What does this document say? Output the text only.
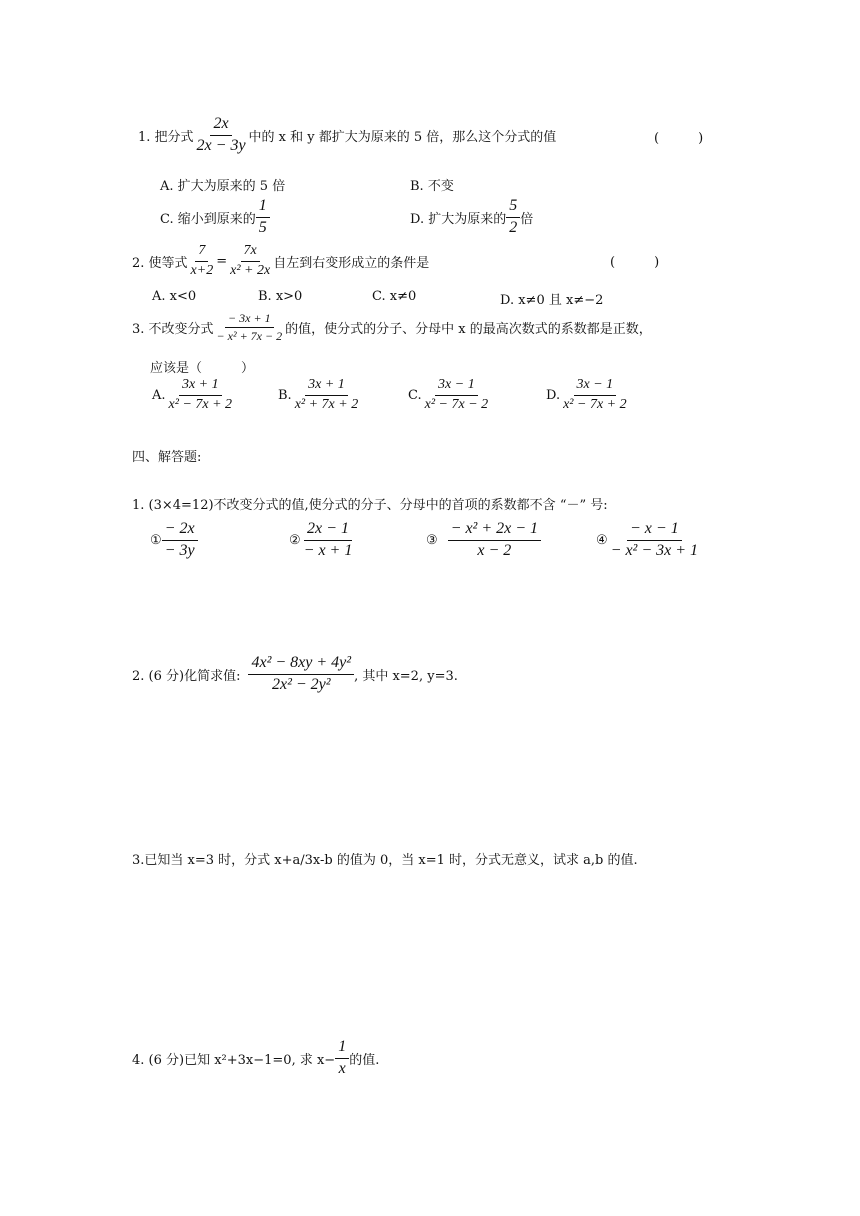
1. 把分式 $\frac{2x}{2x - 3y}$ 中的 x 和 y 都扩大为原来的 5 倍，那么这个分式的值	(　　　)
A. 扩大为原来的 5 倍	B. 不变
C. 缩小到原来的 $\frac{1}{5}$	D. 扩大为原来的 $\frac{5}{2}$ 倍
2. 使等式 $\frac{7}{x+2} = \frac{7x}{\text{x² + 2x}}$ 自左到右变形成立的条件是	(　　　)
A. x<0	B. x>0	C. x≠0	D. x≠0 且 x≠−2
3. 不改变分式 $\frac{- 3x + 1}{\text{− x² + 7x − 2}}$ 的值，使分式的分子、分母中 x 的最高次数式的系数都是正数，
应该是（　　　）
A. $\frac{3x + 1}{\text{x² − 7x + 2}}$	B. $\frac{3x + 1}{\text{x² + 7x + 2}}$	C. $\frac{3x - 1}{\text{x² − 7x − 2}}$	D. $\frac{3x - 1}{\text{x² − 7x + 2}}$
四、解答题:
1. (3×4=12)不改变分式的值,使分式的分子、分母中的首项的系数都不含 “－” 号:
① $\frac{- 2x}{- 3y}$	② $\frac{2x - 1}{- x + 1}$	③ $\frac{\text{− x² + 2x − 1}}{x - 2}$	④ $\frac{- x - 1}{\text{− x² − 3x + 1}}$
2. (6 分)化简求值: $\frac{\text{4x² − 8xy + 4y²}}{\text{2x² − 2y²}}$ , 其中 x=2, y=3.
3.已知当 x=3 时，分式 x+a/3x-b 的值为 0，当 x=1 时，分式无意义，试求 a,b 的值.
4. (6 分)已知 x²+3x−1=0, 求 $x- \frac{1}{x}$ 的值.
